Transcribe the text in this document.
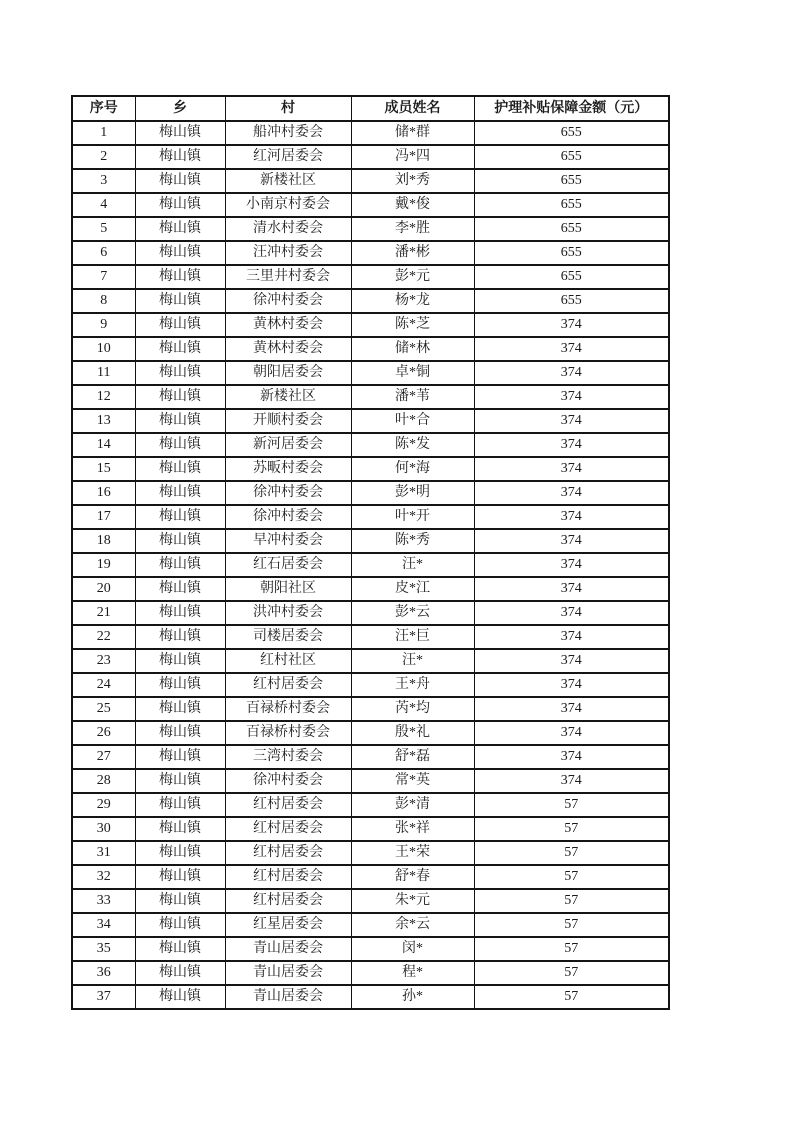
序号	乡	村	成员姓名	护理补贴保障金额（元）
1	梅山镇	船冲村委会	储*群	655
2	梅山镇	红河居委会	冯*四	655
3	梅山镇	新楼社区	刘*秀	655
4	梅山镇	小南京村委会	戴*俊	655
5	梅山镇	清水村委会	李*胜	655
6	梅山镇	汪冲村委会	潘*彬	655
7	梅山镇	三里井村委会	彭*元	655
8	梅山镇	徐冲村委会	杨*龙	655
9	梅山镇	黄林村委会	陈*芝	374
10	梅山镇	黄林村委会	储*林	374
11	梅山镇	朝阳居委会	卓*铜	374
12	梅山镇	新楼社区	潘*苇	374
13	梅山镇	开顺村委会	叶*合	374
14	梅山镇	新河居委会	陈*发	374
15	梅山镇	苏畈村委会	何*海	374
16	梅山镇	徐冲村委会	彭*明	374
17	梅山镇	徐冲村委会	叶*开	374
18	梅山镇	早冲村委会	陈*秀	374
19	梅山镇	红石居委会	汪*	374
20	梅山镇	朝阳社区	皮*江	374
21	梅山镇	洪冲村委会	彭*云	374
22	梅山镇	司楼居委会	汪*巨	374
23	梅山镇	红村社区	汪*	374
24	梅山镇	红村居委会	王*舟	374
25	梅山镇	百禄桥村委会	芮*均	374
26	梅山镇	百禄桥村委会	殷*礼	374
27	梅山镇	三湾村委会	舒*磊	374
28	梅山镇	徐冲村委会	常*英	374
29	梅山镇	红村居委会	彭*清	57
30	梅山镇	红村居委会	张*祥	57
31	梅山镇	红村居委会	王*荣	57
32	梅山镇	红村居委会	舒*春	57
33	梅山镇	红村居委会	朱*元	57
34	梅山镇	红星居委会	余*云	57
35	梅山镇	青山居委会	闵*	57
36	梅山镇	青山居委会	程*	57
37	梅山镇	青山居委会	孙*	57
